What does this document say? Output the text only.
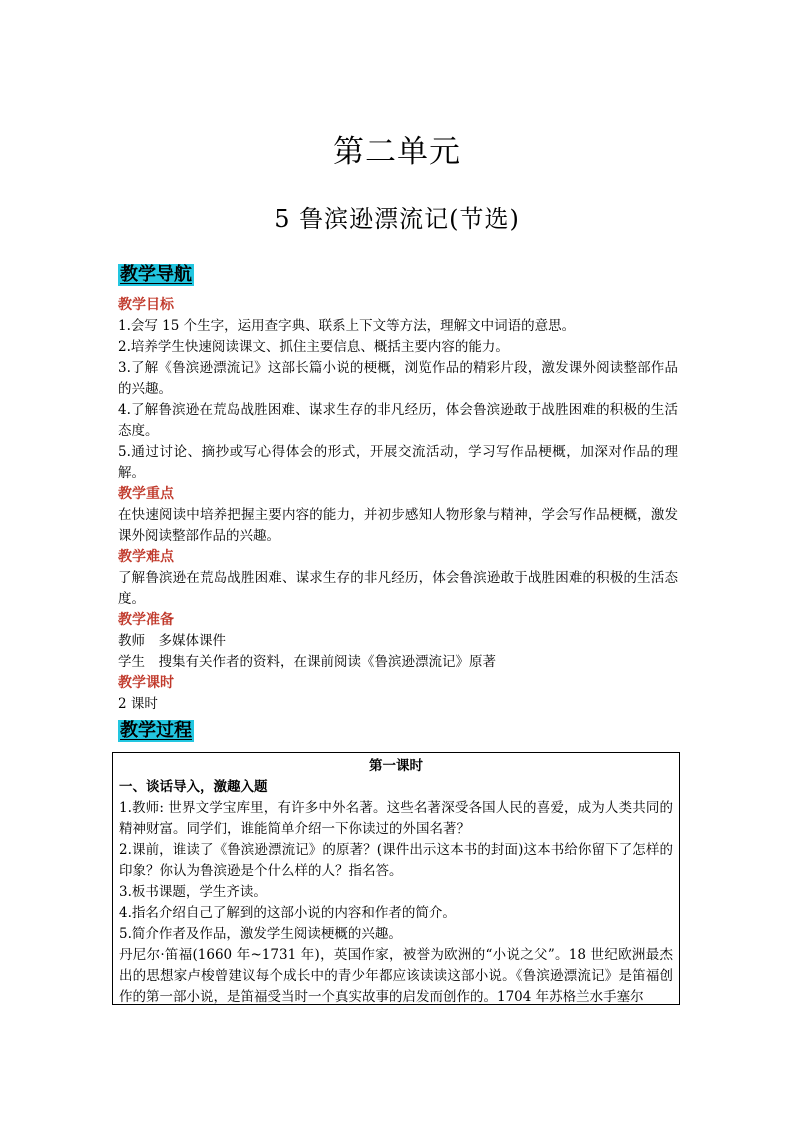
第二单元
5 鲁滨逊漂流记(节选)
教学导航
教学目标
1.会写 15 个生字，运用查字典、联系上下文等方法，理解文中词语的意思。
2.培养学生快速阅读课文、抓住主要信息、概括主要内容的能力。
3.了解《鲁滨逊漂流记》这部长篇小说的梗概，浏览作品的精彩片段，激发课外阅读整部作品的兴趣。
4.了解鲁滨逊在荒岛战胜困难、谋求生存的非凡经历，体会鲁滨逊敢于战胜困难的积极的生活态度。
5.通过讨论、摘抄或写心得体会的形式，开展交流活动，学习写作品梗概，加深对作品的理解。
教学重点
在快速阅读中培养把握主要内容的能力，并初步感知人物形象与精神，学会写作品梗概，激发课外阅读整部作品的兴趣。
教学难点
了解鲁滨逊在荒岛战胜困难、谋求生存的非凡经历，体会鲁滨逊敢于战胜困难的积极的生活态度。
教学准备
教师　多媒体课件
学生　搜集有关作者的资料，在课前阅读《鲁滨逊漂流记》原著
教学课时
2 课时
教学过程
第一课时
一、谈话导入，激趣入题
1.教师: 世界文学宝库里，有许多中外名著。这些名著深受各国人民的喜爱，成为人类共同的精神财富。同学们，谁能简单介绍一下你读过的外国名著？
2.课前，谁读了《鲁滨逊漂流记》的原著？(课件出示这本书的封面)这本书给你留下了怎样的印象？你认为鲁滨逊是个什么样的人？指名答。
3.板书课题，学生齐读。
4.指名介绍自己了解到的这部小说的内容和作者的简介。
5.简介作者及作品，激发学生阅读梗概的兴趣。
丹尼尔·笛福(1660 年~1731 年)，英国作家，被誉为欧洲的“小说之父”。18 世纪欧洲最杰出的思想家卢梭曾建议每个成长中的青少年都应该读读这部小说。《鲁滨逊漂流记》是笛福创作的第一部小说，是笛福受当时一个真实故事的启发而创作的。1704 年苏格兰水手塞尔
